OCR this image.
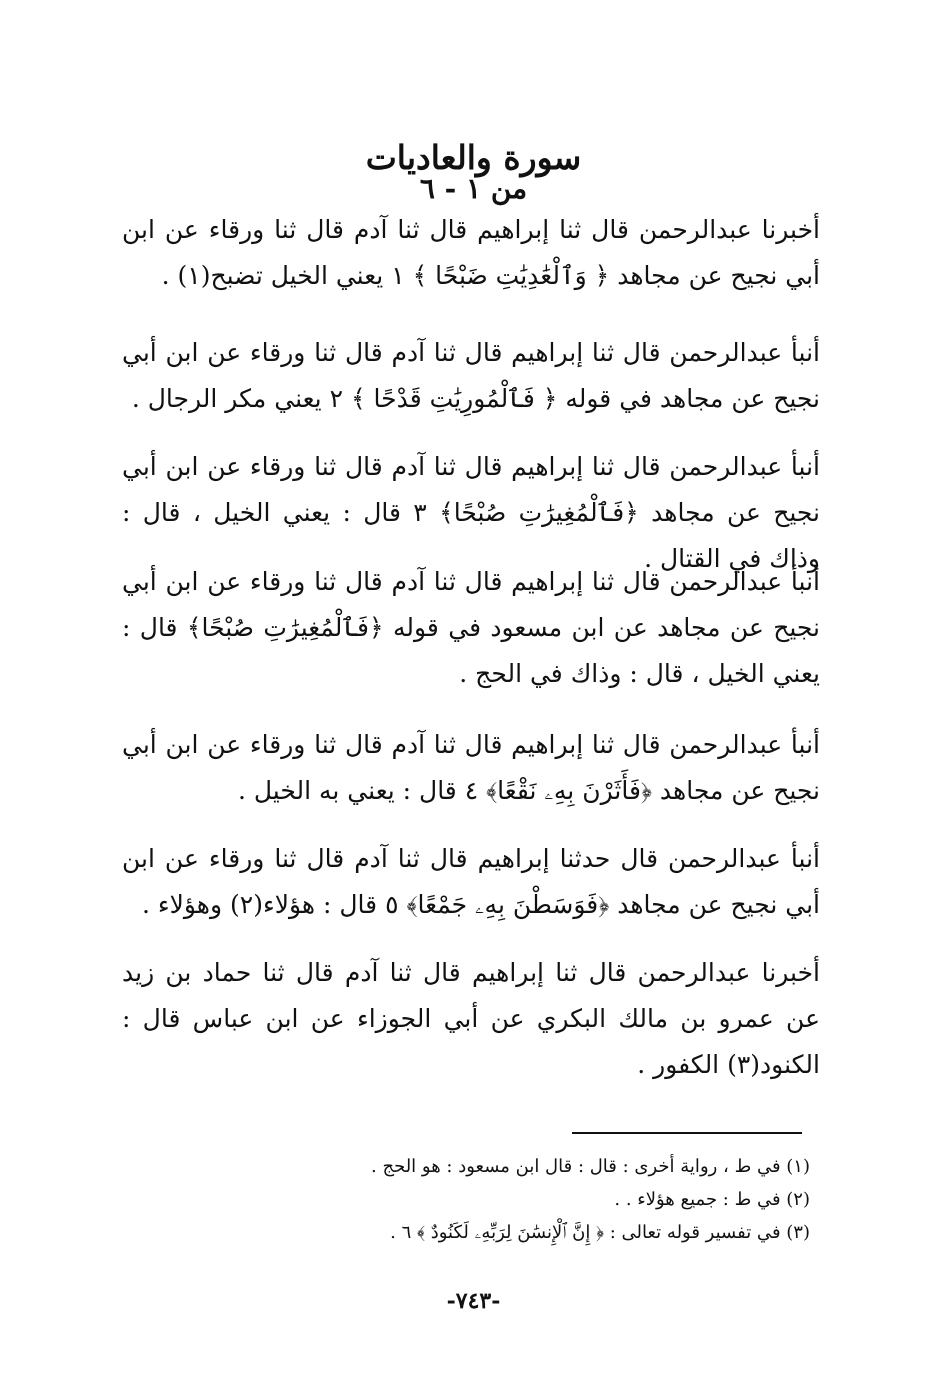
سورة والعاديات
من ١ - ٦

أخبرنا عبدالرحمن قال ثنا إبراهيم قال ثنا آدم قال ثنا ورقاء عن ابن أبي نجيح عن مجاهد ﴿ وَٱلْعَٰدِيَٰتِ ضَبْحًا ﴾ ١ يعني الخيل تضبح(١) .

أنبأ عبدالرحمن قال ثنا إبراهيم قال ثنا آدم قال ثنا ورقاء عن ابن أبي نجيح عن مجاهد في قوله ﴿ فَٱلْمُورِيَٰتِ قَدْحًا ﴾ ٢ يعني مكر الرجال .

أنبأ عبدالرحمن قال ثنا إبراهيم قال ثنا آدم قال ثنا ورقاء عن ابن أبي نجيح عن مجاهد ﴿فَٱلْمُغِيرَٰتِ صُبْحًا﴾ ٣ قال : يعني الخيل ، قال : وذاك في القتال .

أنبأ عبدالرحمن قال ثنا إبراهيم قال ثنا آدم قال ثنا ورقاء عن ابن أبي نجيح عن مجاهد عن ابن مسعود في قوله ﴿فَٱلْمُغِيرَٰتِ صُبْحًا﴾ قال : يعني الخيل ، قال : وذاك في الحج .

أنبأ عبدالرحمن قال ثنا إبراهيم قال ثنا آدم قال ثنا ورقاء عن ابن أبي نجيح عن مجاهد ﴿فَأَثَرْنَ بِهِۦ نَقْعًا﴾ ٤ قال : يعني به الخيل .

أنبأ عبدالرحمن قال حدثنا إبراهيم قال ثنا آدم قال ثنا ورقاء عن ابن أبي نجيح عن مجاهد ﴿فَوَسَطْنَ بِهِۦ جَمْعًا﴾ ٥ قال : هؤلاء(٢) وهؤلاء .

أخبرنا عبدالرحمن قال ثنا إبراهيم قال ثنا آدم قال ثنا حماد بن زيد عن عمرو بن مالك البكري عن أبي الجوزاء عن ابن عباس قال : الكنود(٣) الكفور .

(١) في ط ، رواية أخرى : قال : قال ابن مسعود : هو الحج .
(٢) في ط : جميع هؤلاء . .
(٣) في تفسير قوله تعالى : ﴿ إِنَّ ٱلْإِنسَٰنَ لِرَبِّهِۦ لَكَنُودٌ ﴾ ٦ .
-٧٤٣-
